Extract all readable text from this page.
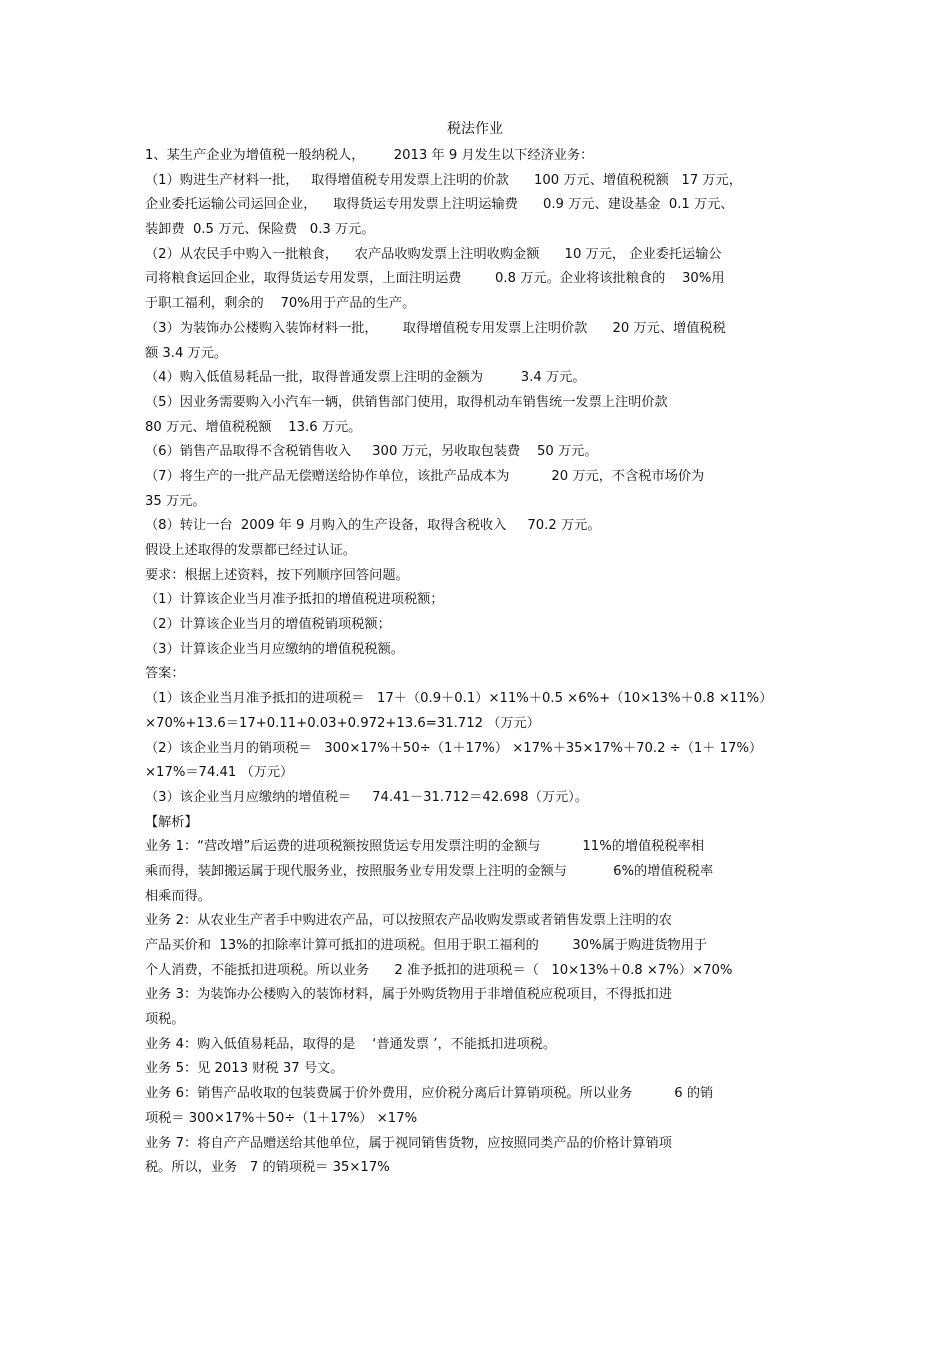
税法作业
1、某生产企业为增值税一般纳税人，       2013 年 9 月发生以下经济业务：
（1）购进生产材料一批，   取得增值税专用发票上注明的价款      100 万元、增值税税额   17 万元，
企业委托运输公司运回企业，    取得货运专用发票上注明运输费      0.9 万元、建设基金  0.1 万元、
装卸费  0.5 万元、保险费   0.3 万元。
（2）从农民手中购入一批粮食，    农产品收购发票上注明收购金额      10 万元， 企业委托运输公
司将粮食运回企业，取得货运专用发票，上面注明运费        0.8 万元。企业将该批粮食的    30%用
于职工福利，剩余的    70%用于产品的生产。
（3）为装饰办公楼购入装饰材料一批，      取得增值税专用发票上注明价款      20 万元、增值税税
额 3.4 万元。
（4）购入低值易耗品一批，取得普通发票上注明的金额为         3.4 万元。
（5）因业务需要购入小汽车一辆，供销售部门使用，取得机动车销售统一发票上注明价款
80 万元、增值税税额    13.6 万元。
（6）销售产品取得不含税销售收入     300 万元，另收取包装费    50 万元。
（7）将生产的一批产品无偿赠送给协作单位，该批产品成本为          20 万元，不含税市场价为
35 万元。
（8）转让一台  2009 年 9 月购入的生产设备，取得含税收入     70.2 万元。
假设上述取得的发票都已经过认证。
要求：根据上述资料，按下列顺序回答问题。
（1）计算该企业当月准予抵扣的增值税进项税额；
（2）计算该企业当月的增值税销项税额；
（3）计算该企业当月应缴纳的增值税税额。
答案：
（1）该企业当月准予抵扣的进项税＝   17＋（0.9＋0.1）×11%＋0.5 ×6%+（10×13%＋0.8 ×11%）
×70%+13.6＝17+0.11+0.03+0.972+13.6=31.712 （万元）
（2）该企业当月的销项税＝   300×17%＋50÷（1＋17%） ×17%＋35×17%＋70.2 ÷（1＋ 17%）
×17%＝74.41 （万元）
（3）该企业当月应缴纳的增值税＝     74.41－31.712＝42.698（万元）。
【解析】
业务 1：“营改增”后运费的进项税额按照货运专用发票注明的金额与          11%的增值税税率相
乘而得，装卸搬运属于现代服务业，按照服务业专用发票上注明的金额与           6%的增值税税率
相乘而得。
业务 2：从农业生产者手中购进农产品，可以按照农产品收购发票或者销售发票上注明的农
产品买价和  13%的扣除率计算可抵扣的进项税。但用于职工福利的        30%属于购进货物用于
个人消费，不能抵扣进项税。所以业务      2 准予抵扣的进项税＝（   10×13%＋0.8 ×7%）×70%
业务 3：为装饰办公楼购入的装饰材料，属于外购货物用于非增值税应税项目，不得抵扣进
项税。
业务 4：购入低值易耗品，取得的是    ‘普通发票 ’，不能抵扣进项税。
业务 5：见 2013 财税 37 号文。
业务 6：销售产品收取的包装费属于价外费用，应价税分离后计算销项税。所以业务          6 的销
项税＝ 300×17%＋50÷（1＋17%） ×17%
业务 7：将自产产品赠送给其他单位，属于视同销售货物，应按照同类产品的价格计算销项
税。所以，业务   7 的销项税＝ 35×17%
